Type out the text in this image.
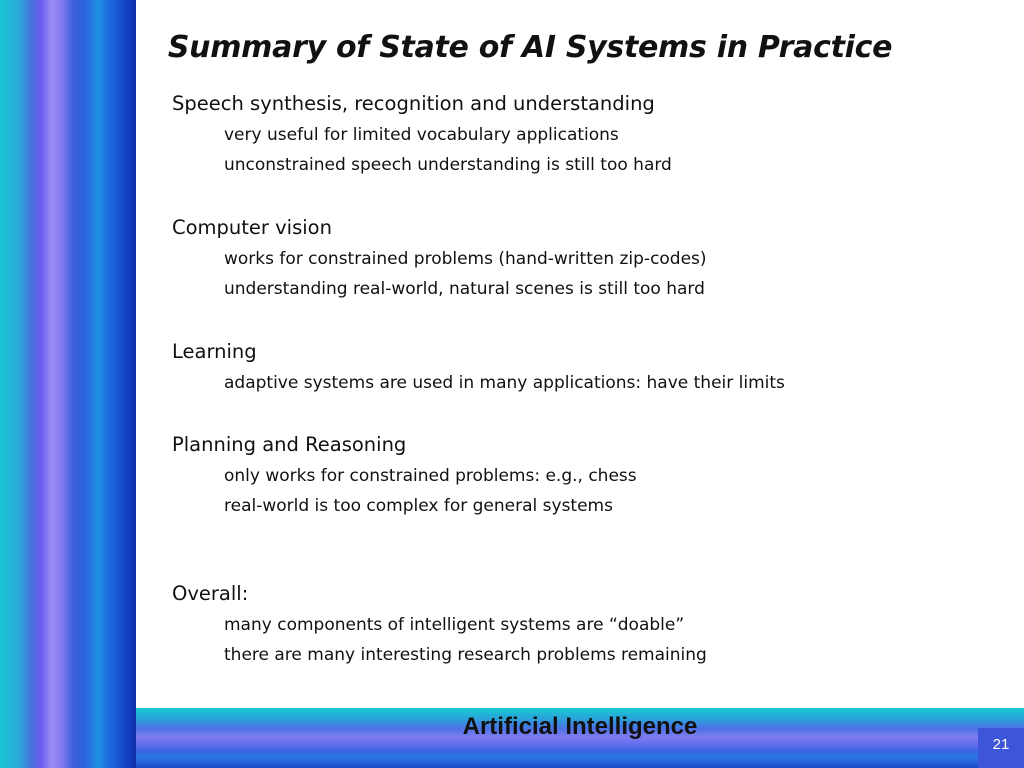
Summary of State of AI Systems in Practice
Speech synthesis, recognition and understanding
very useful for limited vocabulary applications
unconstrained speech understanding is still too hard
Computer vision
works for constrained problems (hand-written zip-codes)
understanding real-world, natural scenes is still too hard
Learning
adaptive systems are used in many applications: have their limits
Planning and Reasoning
only works for constrained problems: e.g., chess
real-world is too complex for general systems
Overall:
many components of intelligent systems are “doable”
there are many interesting research problems remaining
Artificial Intelligence
21
